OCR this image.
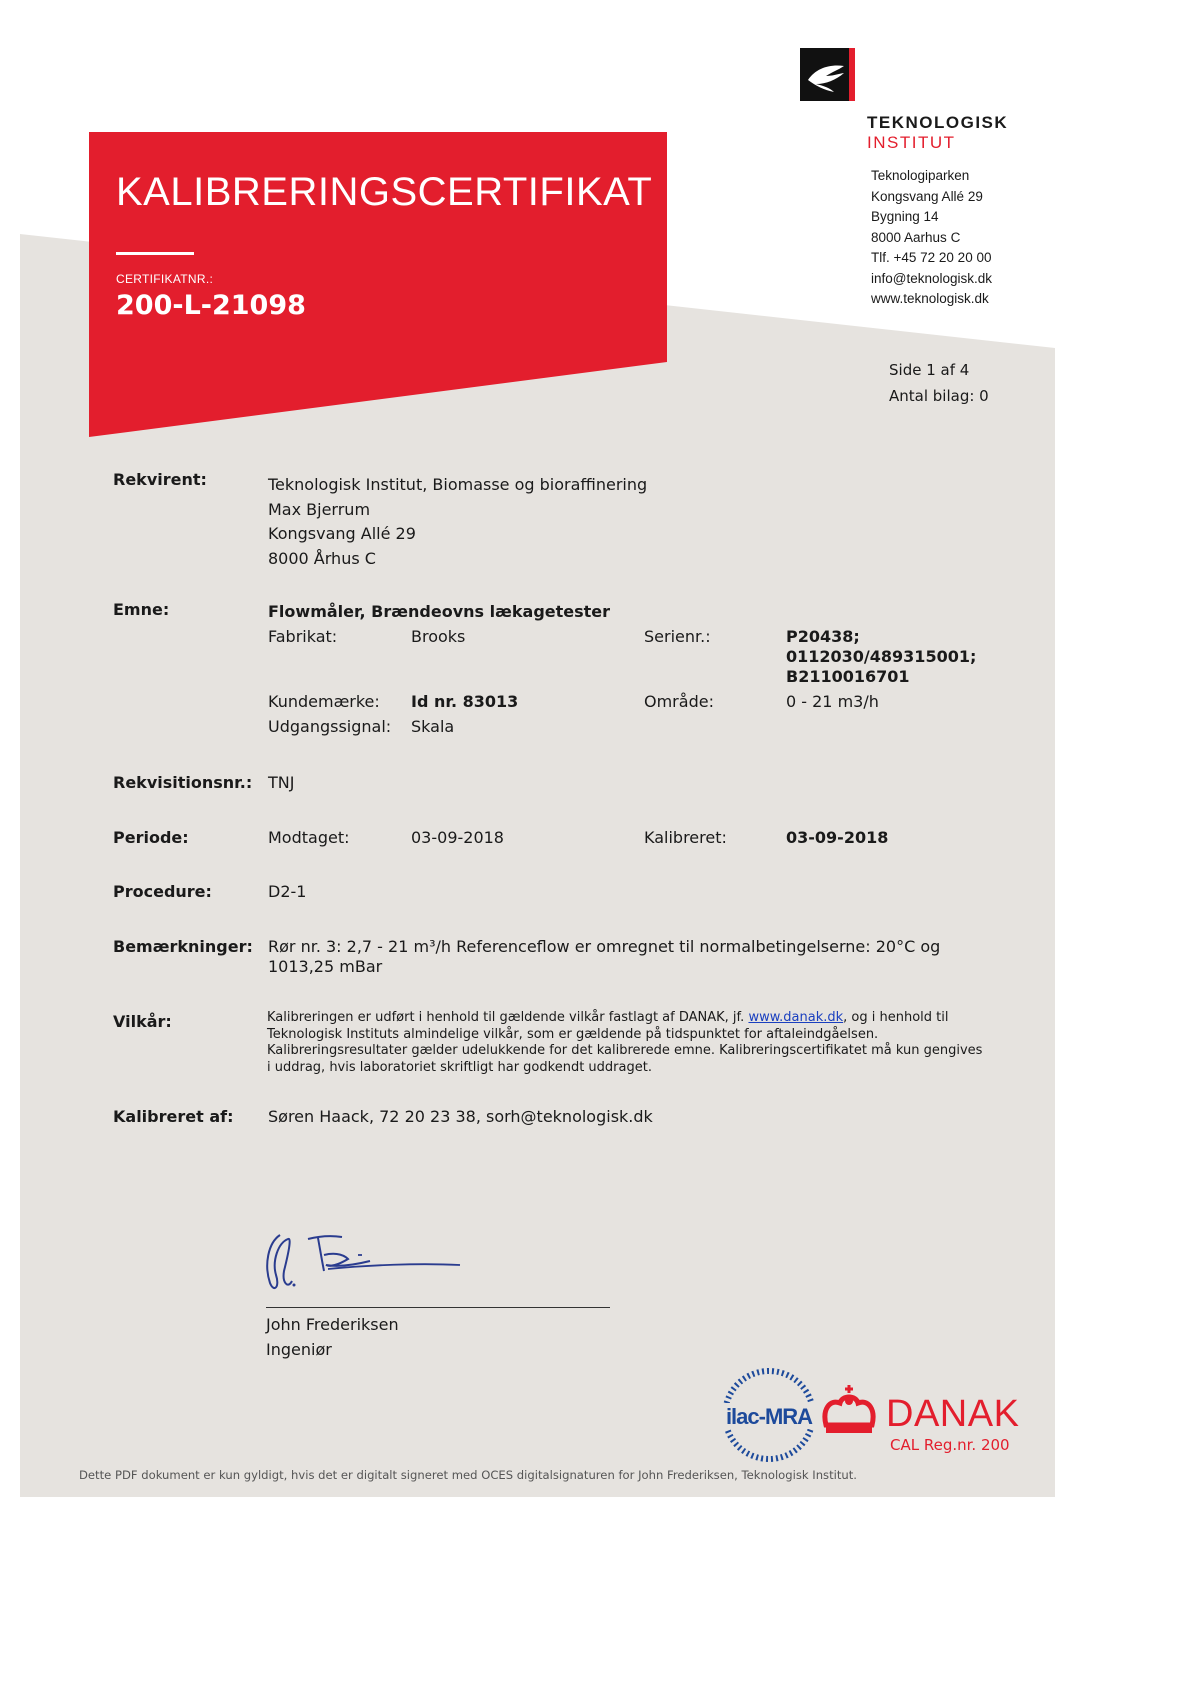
KALIBRERINGSCERTIFIKAT
CERTIFIKATNR.:
200-L-21098
TEKNOLOGISK
INSTITUT
Teknologiparken
Kongsvang Allé 29
Bygning 14
8000 Aarhus C
Tlf. +45 72 20 20 00
info@teknologisk.dk
www.teknologisk.dk
Side 1 af 4
Antal bilag: 0
Rekvirent:	Teknologisk Institut, Biomasse og bioraffinering
Max Bjerrum
Kongsvang Allé 29
8000 Århus C
Emne:	Flowmåler, Brændeovns lækagetester
Fabrikat:	Brooks	Serienr.:	P20438;
0112030/489315001;
B2110016701
Kundemærke: Id nr. 83013	Område:	0 - 21 m3/h
Udgangssignal: Skala
Rekvisitionsnr.: TNJ
Periode:	Modtaget:	03-09-2018	Kalibreret:	03-09-2018
Procedure:	D2-1
Bemærkninger: Rør nr. 3: 2,7 - 21 m³/h Referenceflow er omregnet til normalbetingelserne: 20°C og
1013,25 mBar
Vilkår:	Kalibreringen er udført i henhold til gældende vilkår fastlagt af DANAK, jf. www.danak.dk, og i henhold til
Teknologisk Instituts almindelige vilkår, som er gældende på tidspunktet for aftaleindgåelsen.
Kalibreringsresultater gælder udelukkende for det kalibrerede emne. Kalibreringscertifikatet må kun gengives
i uddrag, hvis laboratoriet skriftligt har godkendt uddraget.
Kalibreret af: Søren Haack, 72 20 23 38, sorh@teknologisk.dk
John Frederiksen
Ingeniør
ilac-MRA DANAK
CAL Reg.nr. 200
Dette PDF dokument er kun gyldigt, hvis det er digitalt signeret med OCES digitalsignaturen for John Frederiksen, Teknologisk Institut.
